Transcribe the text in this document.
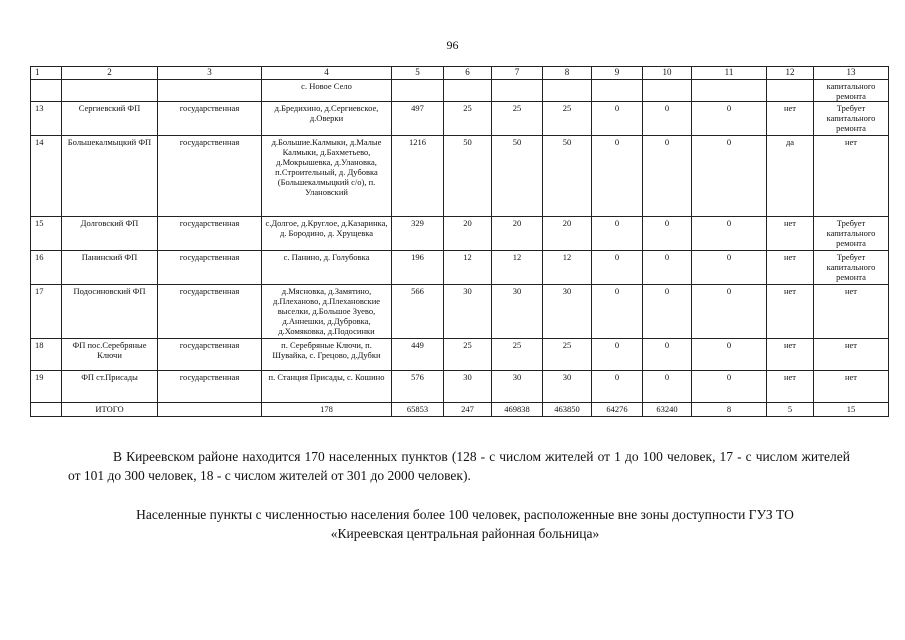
96
1	2	3	4	5	6	7	8	9	10	11	12	13
			с. Новое Село									капитального ремонта
13	Сергиевский ФП	государственная	д.Бредихино, д.Сергиевское, д.Оверки	497	25	25	25	0	0	0	нет	Требует капитального ремонта
14	Большекалмыцкий ФП	государственная	д.Большие.Калмыки, д.Малые Калмыки, д.Бахметьево, д.Мокрышевка, д.Улановка, п.Строительный, д. Дубовка (Большекалмыцкий с/о), п. Улановский	1216	50	50	50	0	0	0	да	нет
15	Долговский ФП	государственная	с.Долгое, д.Круглое, д.Казаринка, д. Бородино, д. Хрущевка	329	20	20	20	0	0	0	нет	Требует капитального ремонта
16	Панинский ФП	государственная	с. Панино, д. Голубовка	196	12	12	12	0	0	0	нет	Требует капитального ремонта
17	Подосиновский ФП	государственная	д.Мясновка, д.Замятино, д.Плеханово, д.Плехановские выселки, д.Большое Зуево, д.Аннешки, д.Дубровка, д.Хомяковка, д.Подосинки	566	30	30	30	0	0	0	нет	нет
18	ФП пос.Серебряные Ключи	государственная	п. Серебряные Ключи, п. Шувайка, с. Грецово, д.Дубки	449	25	25	25	0	0	0	нет	нет
19	ФП ст.Присады	государственная	п. Станция Присады, с. Кошино	576	30	30	30	0	0	0	нет	нет
	ИТОГО		178	65853	247	469838	463850	64276	63240	8	5	15
В Киреевском районе находится 170 населенных пунктов (128 - с числом жителей от 1 до 100 человек, 17 - с числом жителей от 101 до 300 человек, 18 - с числом жителей от 301 до 2000 человек).
Населенные пункты с численностью населения более 100 человек, расположенные вне зоны доступности ГУЗ ТО
«Киреевская центральная районная больница»
